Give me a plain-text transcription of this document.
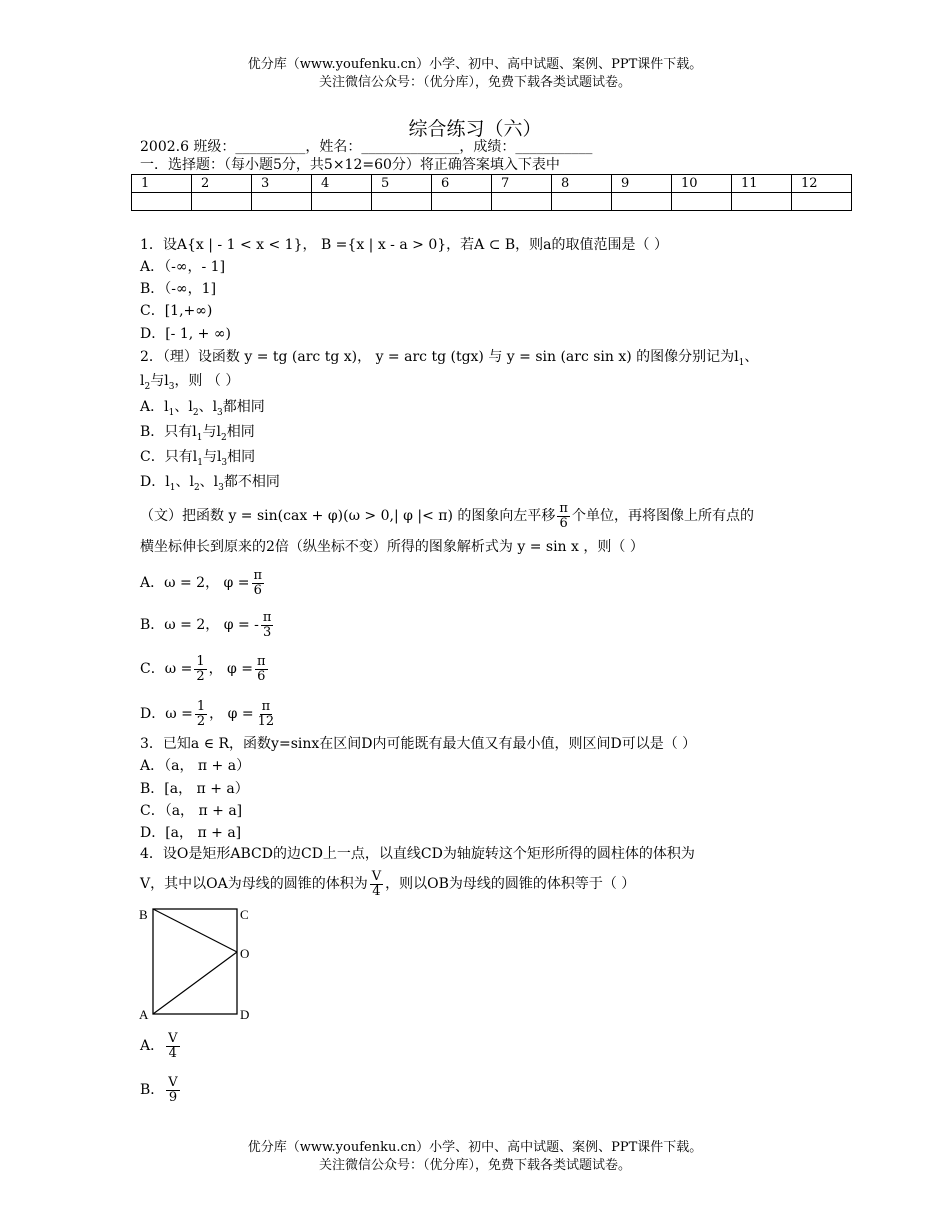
优分库（www.youfenku.cn）小学、初中、高中试题、案例、PPT课件下载。
关注微信公众号：（优分库），免费下载各类试题试卷。
综合练习（六）
2002.6 班级：__________，姓名：______________，成绩：___________
一．选择题：（每小题5分，共5×12=60分）将正确答案填入下表中
1	2	3	4	5	6	7	8	9	10	11	12

1．设A{x | - 1 < x < 1}， B ={x | x - a > 0}，若A ⊂ B，则a的取值范围是（ ）
A．（-∞，- 1]
B．（-∞，1]
C．[1,+∞)
D．[- 1, + ∞)
2．（理）设函数 y = tg (arc tg x)， y = arc tg (tgx) 与 y = sin (arc sin x) 的图像分别记为$l_1$、
$l_2$与$l_3$，则 （ ）
A．$l_1$、$l_2$、$l_3$都相同
B．只有$l_1$与$l_2$相同
C．只有$l_1$与$l_3$相同
D．$l_1$、$l_2$、$l_3$都不相同
（文）把函数 y = sin(cax + φ)(ω > 0,| φ |< π) 的图象向左平移 $\frac{\pi}{6}$ 个单位，再将图像上所有点的
横坐标伸长到原来的2倍（纵坐标不变）所得的图象解析式为 y = sin x ，则（ ）
A．ω = 2， $\varphi = \frac{\pi}{6}$
B．ω = 2， φ = - $\frac{\pi}{3}$
C．$\omega = \frac{1}{2}$ ， $\varphi = \frac{\pi}{6}$
D．$\omega = \frac{1}{2}$ ， $\varphi = \frac{\pi}{12}$
3．已知a ∈ R，函数y=sinx在区间D内可能既有最大值又有最小值，则区间D可以是（ ）
A．（a， π + a）
B．[a， π + a）
C．（a， π + a]
D．[a， π + a]
4．设O是矩形ABCD的边CD上一点，以直线CD为轴旋转这个矩形所得的圆柱体的体积为
V，其中以OA为母线的圆锥的体积为 $\frac{V}{4}$ ，则以OB为母线的圆锥的体积等于（ ）
B	C
O
A	D
A． $\frac{V}{4}$
B． $\frac{V}{9}$
优分库（www.youfenku.cn）小学、初中、高中试题、案例、PPT课件下载。
关注微信公众号：（优分库），免费下载各类试题试卷。
